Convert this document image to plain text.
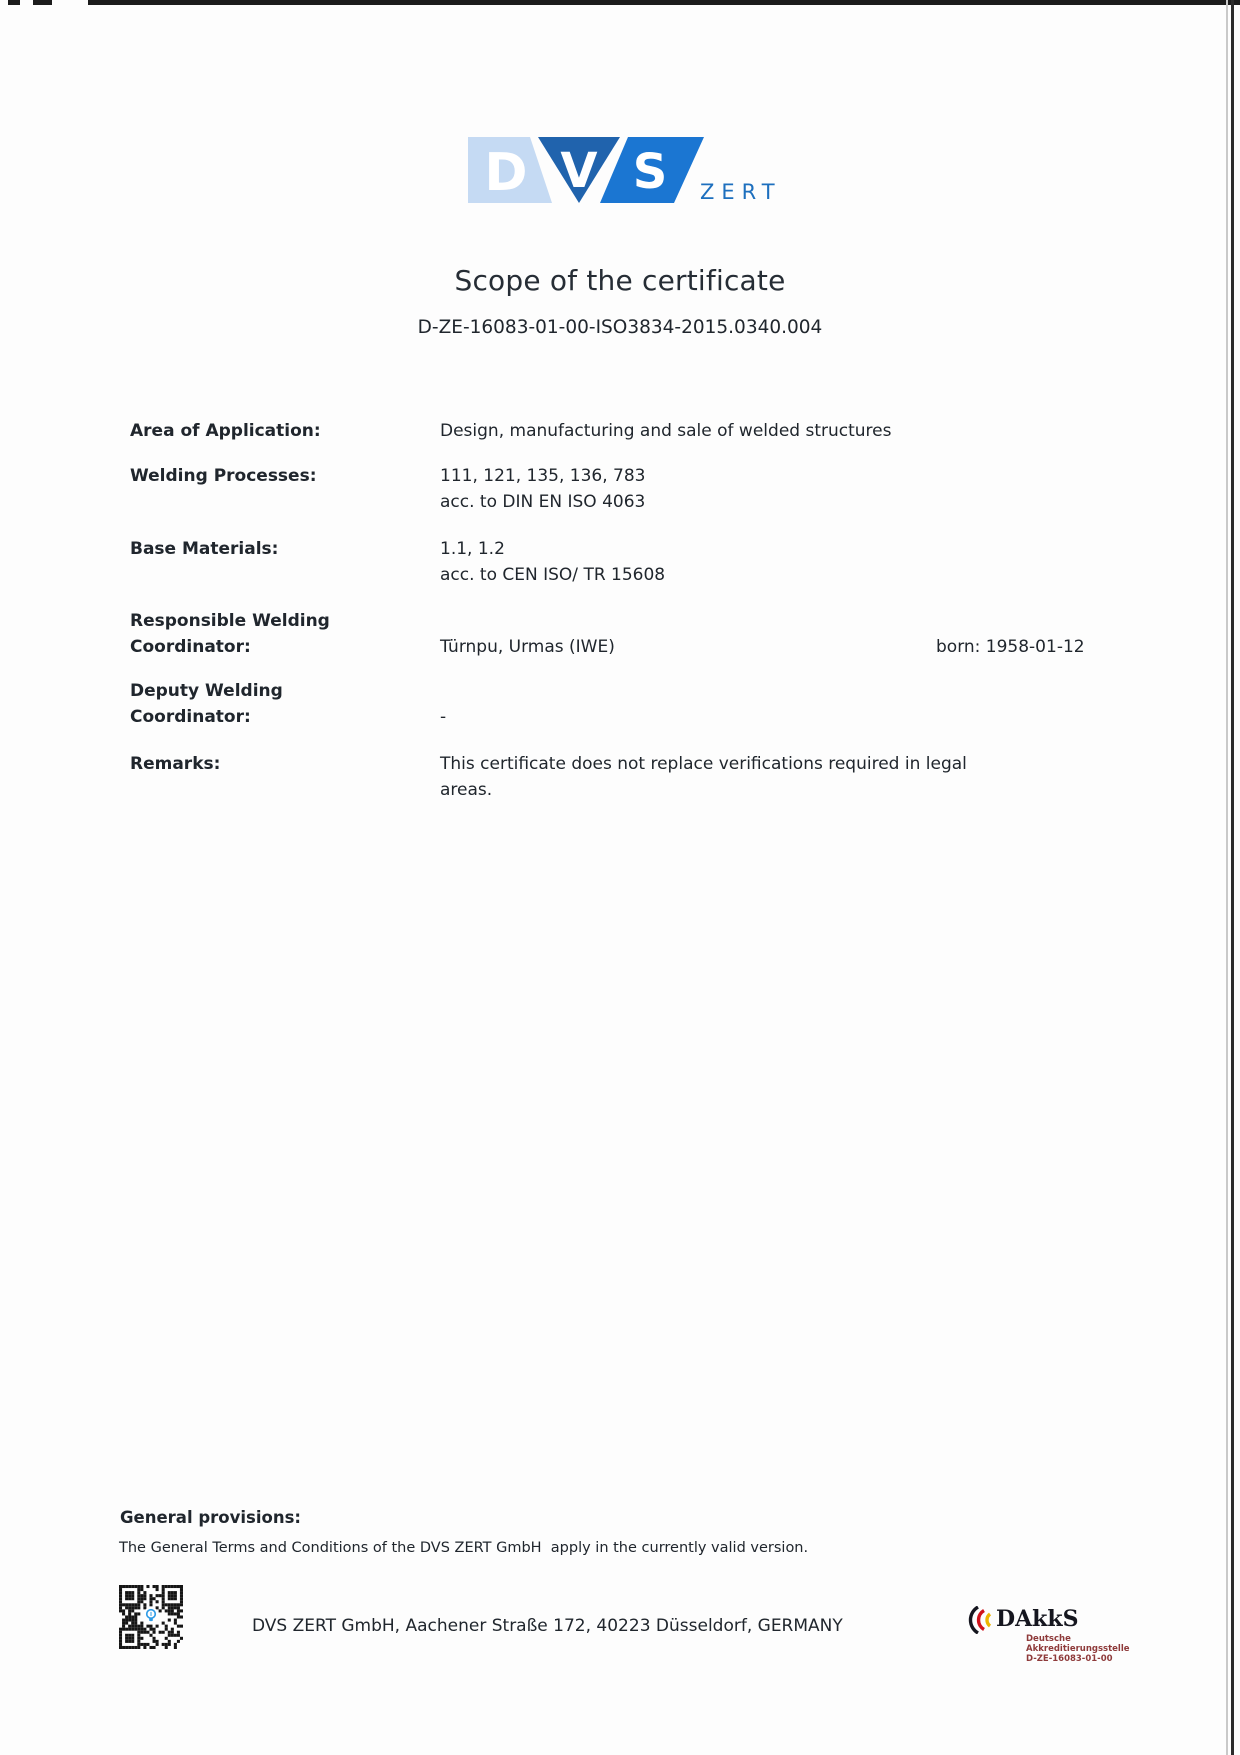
D V S ZERT
Scope of the certificate
D-ZE-16083-01-00-ISO3834-2015.0340.004
Area of Application:	Design, manufacturing and sale of welded structures
Welding Processes:	111, 121, 135, 136, 783
acc. to DIN EN ISO 4063
Base Materials:	1.1, 1.2
acc. to CEN ISO/ TR 15608
Responsible Welding
Coordinator:	Türnpu, Urmas (IWE)	born: 1958-01-12
Deputy Welding
Coordinator:	-
Remarks:	This certificate does not replace verifications required in legal
areas.
General provisions:
The General Terms and Conditions of the DVS ZERT GmbH  apply in the currently valid version.
DVS ZERT GmbH, Aachener Straße 172, 40223 Düsseldorf, GERMANY	DAkkS
Deutsche
Akkreditierungsstelle
D-ZE-16083-01-00
